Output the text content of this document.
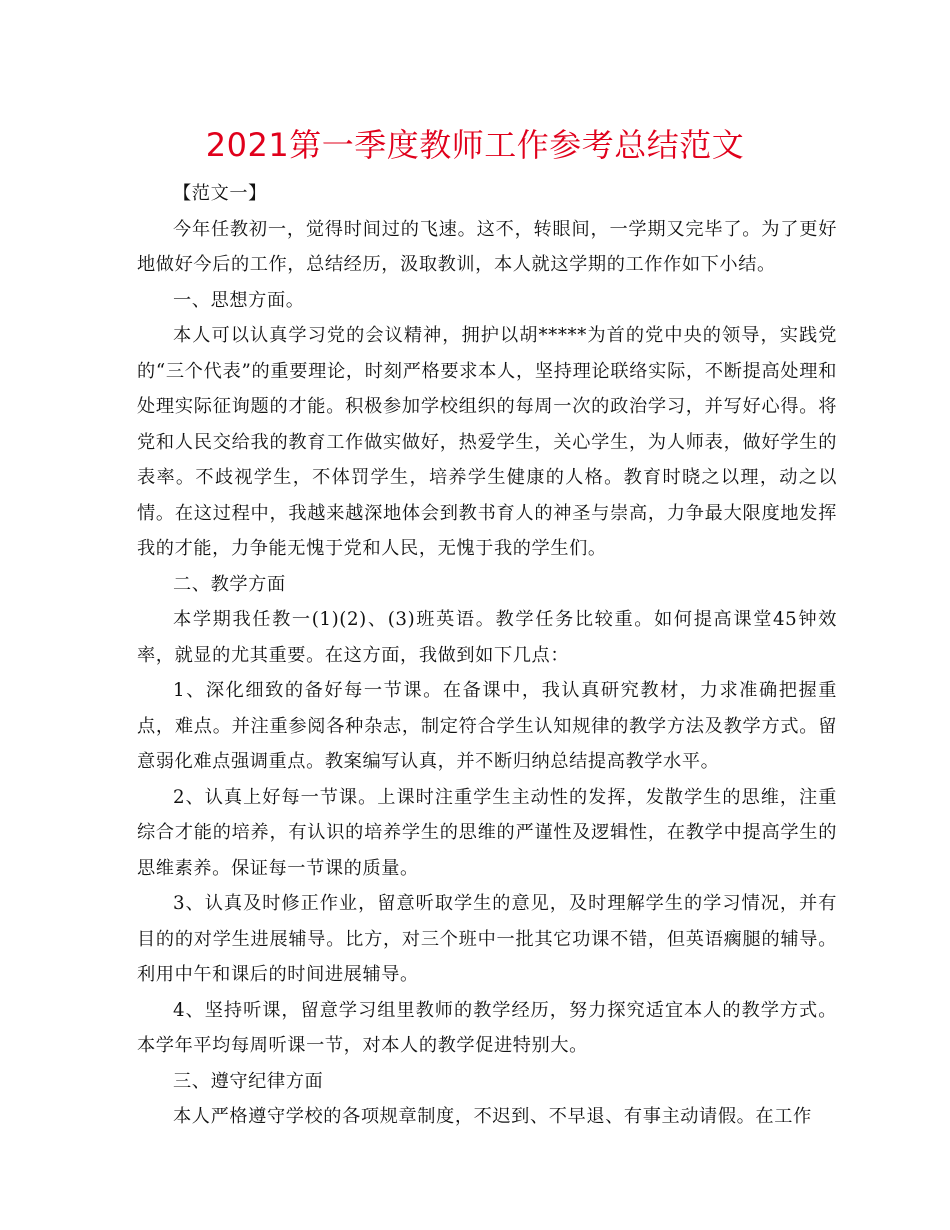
2021第一季度教师工作参考总结范文

【范文一】

今年任教初一，觉得时间过的飞速。这不，转眼间，一学期又完毕了。为了更好地做好今后的工作，总结经历，汲取教训，本人就这学期的工作作如下小结。

一、思想方面。

本人可以认真学习党的会议精神，拥护以胡*****为首的党中央的领导，实践党的“三个代表”的重要理论，时刻严格要求本人，坚持理论联络实际，不断提高处理和处理实际征询题的才能。积极参加学校组织的每周一次的政治学习，并写好心得。将党和人民交给我的教育工作做实做好，热爱学生，关心学生，为人师表，做好学生的表率。不歧视学生，不体罚学生，培养学生健康的人格。教育时晓之以理，动之以情。在这过程中，我越来越深地体会到教书育人的神圣与崇高，力争最大限度地发挥我的才能，力争能无愧于党和人民，无愧于我的学生们。

二、教学方面

本学期我任教一(1)(2)、(3)班英语。教学任务比较重。如何提高课堂45钟效率，就显的尤其重要。在这方面，我做到如下几点：

1、深化细致的备好每一节课。在备课中，我认真研究教材，力求准确把握重点，难点。并注重参阅各种杂志，制定符合学生认知规律的教学方法及教学方式。留意弱化难点强调重点。教案编写认真，并不断归纳总结提高教学水平。

2、认真上好每一节课。上课时注重学生主动性的发挥，发散学生的思维，注重综合才能的培养，有认识的培养学生的思维的严谨性及逻辑性，在教学中提高学生的思维素养。保证每一节课的质量。

3、认真及时修正作业，留意听取学生的意见，及时理解学生的学习情况，并有目的的对学生进展辅导。比方，对三个班中一批其它功课不错，但英语瘸腿的辅导。利用中午和课后的时间进展辅导。

4、坚持听课，留意学习组里教师的教学经历，努力探究适宜本人的教学方式。本学年平均每周听课一节，对本人的教学促进特别大。

三、遵守纪律方面

本人严格遵守学校的各项规章制度，不迟到、不早退、有事主动请假。在工作
